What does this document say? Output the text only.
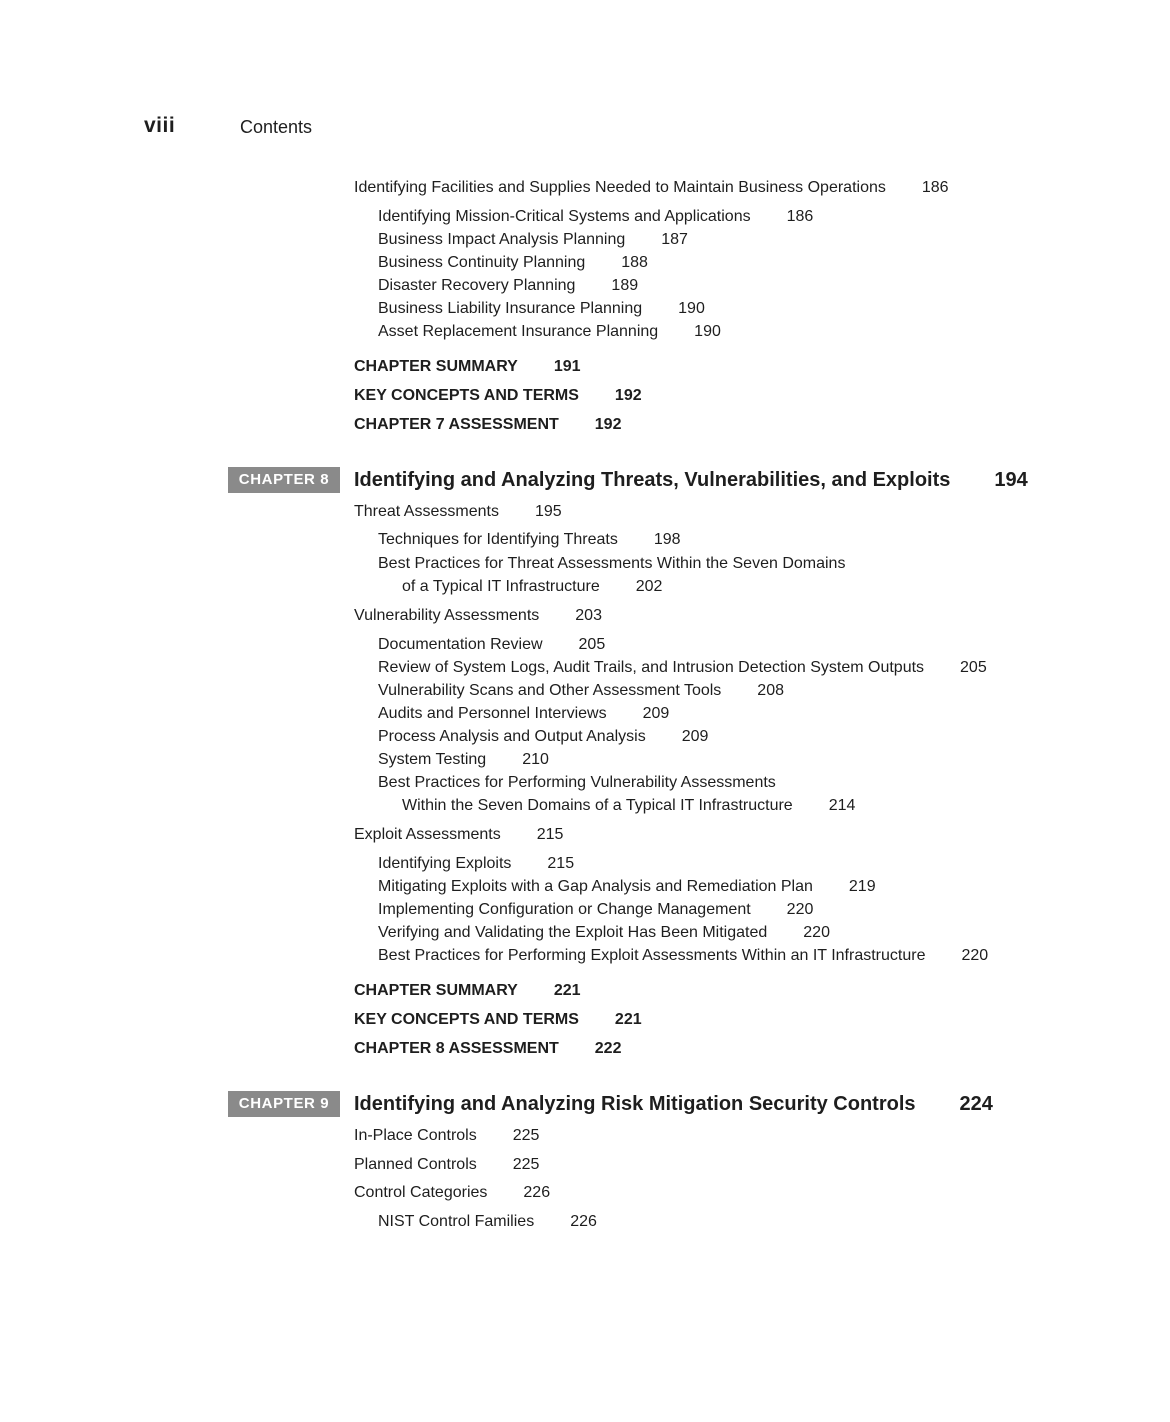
viii	Contents
Identifying Facilities and Supplies Needed to Maintain Business Operations 186
Identifying Mission-Critical Systems and Applications 186
Business Impact Analysis Planning 187
Business Continuity Planning 188
Disaster Recovery Planning 189
Business Liability Insurance Planning 190
Asset Replacement Insurance Planning 190
CHAPTER SUMMARY 191
KEY CONCEPTS AND TERMS 192
CHAPTER 7 ASSESSMENT 192
CHAPTER 8	Identifying and Analyzing Threats, Vulnerabilities, and Exploits 194
Threat Assessments 195
Techniques for Identifying Threats 198
Best Practices for Threat Assessments Within the Seven Domains
of a Typical IT Infrastructure 202
Vulnerability Assessments 203
Documentation Review 205
Review of System Logs, Audit Trails, and Intrusion Detection System Outputs 205
Vulnerability Scans and Other Assessment Tools 208
Audits and Personnel Interviews 209
Process Analysis and Output Analysis 209
System Testing 210
Best Practices for Performing Vulnerability Assessments
Within the Seven Domains of a Typical IT Infrastructure 214
Exploit Assessments 215
Identifying Exploits 215
Mitigating Exploits with a Gap Analysis and Remediation Plan 219
Implementing Configuration or Change Management 220
Verifying and Validating the Exploit Has Been Mitigated 220
Best Practices for Performing Exploit Assessments Within an IT Infrastructure 220
CHAPTER SUMMARY 221
KEY CONCEPTS AND TERMS 221
CHAPTER 8 ASSESSMENT 222
CHAPTER 9	Identifying and Analyzing Risk Mitigation Security Controls 224
In-Place Controls 225
Planned Controls 225
Control Categories 226
NIST Control Families 226
